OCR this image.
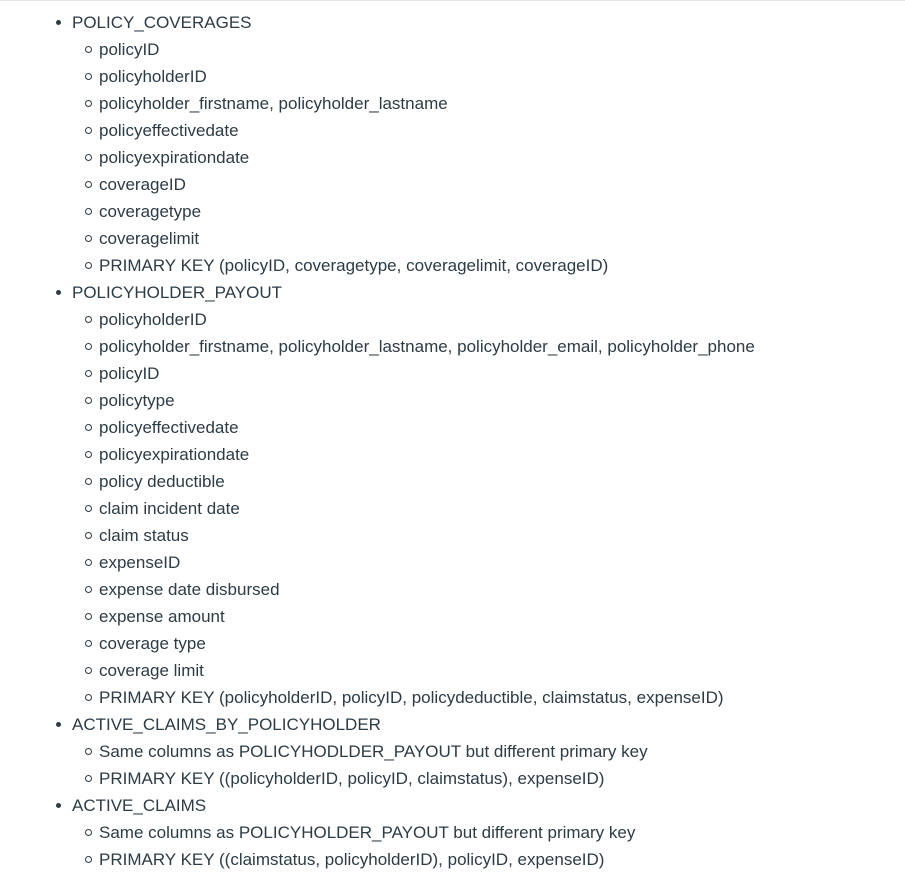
POLICY_COVERAGES
policyID
policyholderID
policyholder_firstname, policyholder_lastname
policyeffectivedate
policyexpirationdate
coverageID
coveragetype
coveragelimit
PRIMARY KEY (policyID, coveragetype, coveragelimit, coverageID)
POLICYHOLDER_PAYOUT
policyholderID
policyholder_firstname, policyholder_lastname, policyholder_email, policyholder_phone
policyID
policytype
policyeffectivedate
policyexpirationdate
policy deductible
claim incident date
claim status
expenseID
expense date disbursed
expense amount
coverage type
coverage limit
PRIMARY KEY (policyholderID, policyID, policydeductible, claimstatus, expenseID)
ACTIVE_CLAIMS_BY_POLICYHOLDER
Same columns as POLICYHODLDER_PAYOUT but different primary key
PRIMARY KEY ((policyholderID, policyID, claimstatus), expenseID)
ACTIVE_CLAIMS
Same columns as POLICYHOLDER_PAYOUT but different primary key
PRIMARY KEY ((claimstatus, policyholderID), policyID, expenseID)
